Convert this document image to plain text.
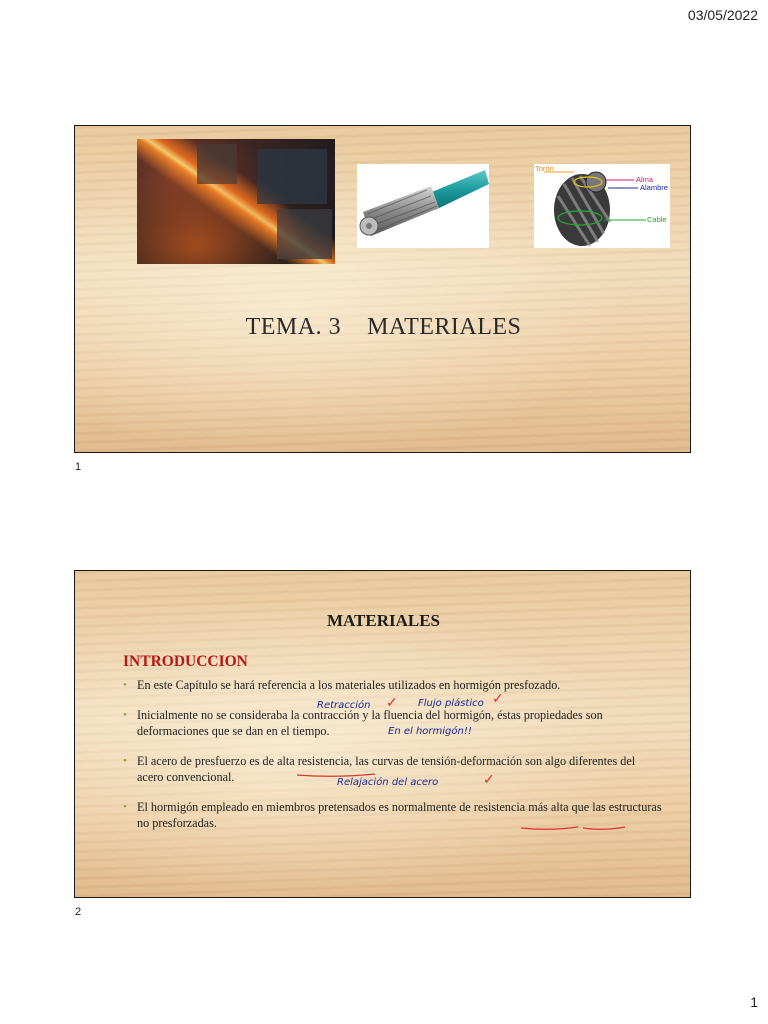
03/05/2022
Torón
Alma
Alambre
Cable
TEMA. 3    MATERIALES
1
MATERIALES
INTRODUCCION
• En este Capítulo se hará referencia a los materiales utilizados en hormigón presfozado.
• Inicialmente no se consideraba la contracción y la fluencia del hormigón, éstas propiedades son deformaciones que se dan en el tiempo.
• El acero de presfuerzo es de alta resistencia, las curvas de tensión-deformación son algo diferentes del acero convencional.
• El hormigón empleado en miembros pretensados es normalmente de resistencia más alta que las estructuras no presforzadas.
Retracción ✓ Flujo plástico ✓
En el hormigón!!
Relajación del acero	✓
2
1
